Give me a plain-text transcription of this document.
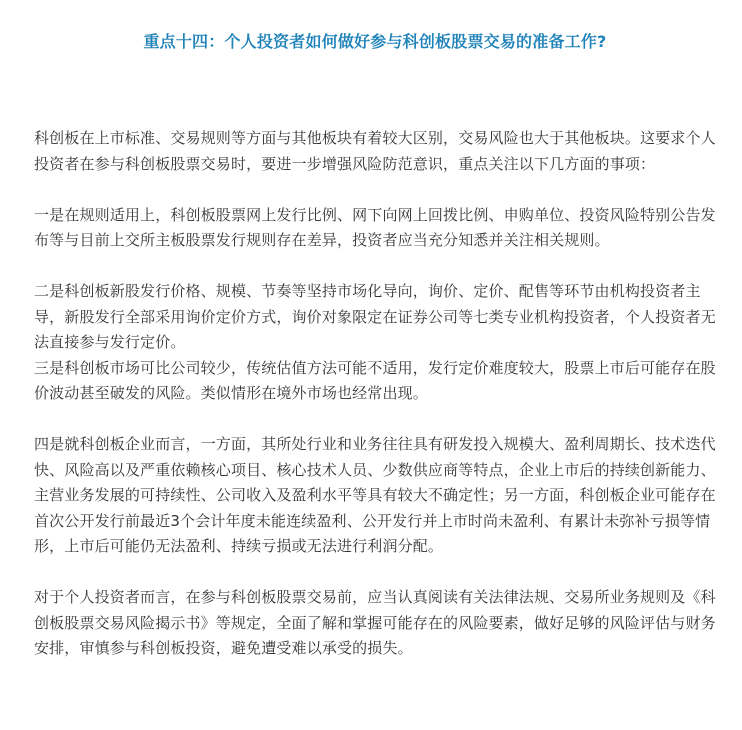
重点十四：个人投资者如何做好参与科创板股票交易的准备工作?

科创板在上市标准、交易规则等方面与其他板块有着较大区别，交易风险也大于其他板块。这要求个人投资者在参与科创板股票交易时，要进一步增强风险防范意识，重点关注以下几方面的事项：

一是在规则适用上，科创板股票网上发行比例、网下向网上回拨比例、申购单位、投资风险特别公告发布等与目前上交所主板股票发行规则存在差异，投资者应当充分知悉并关注相关规则。

二是科创板新股发行价格、规模、节奏等坚持市场化导向，询价、定价、配售等环节由机构投资者主导，新股发行全部采用询价定价方式，询价对象限定在证券公司等七类专业机构投资者，个人投资者无法直接参与发行定价。

三是科创板市场可比公司较少，传统估值方法可能不适用，发行定价难度较大，股票上市后可能存在股价波动甚至破发的风险。类似情形在境外市场也经常出现。

四是就科创板企业而言，一方面，其所处行业和业务往往具有研发投入规模大、盈利周期长、技术迭代快、风险高以及严重依赖核心项目、核心技术人员、少数供应商等特点，企业上市后的持续创新能力、主营业务发展的可持续性、公司收入及盈利水平等具有较大不确定性；另一方面，科创板企业可能存在首次公开发行前最近3个会计年度未能连续盈利、公开发行并上市时尚未盈利、有累计未弥补亏损等情形，上市后可能仍无法盈利、持续亏损或无法进行利润分配。

对于个人投资者而言，在参与科创板股票交易前，应当认真阅读有关法律法规、交易所业务规则及《科创板股票交易风险揭示书》等规定，全面了解和掌握可能存在的风险要素，做好足够的风险评估与财务安排，审慎参与科创板投资，避免遭受难以承受的损失。
